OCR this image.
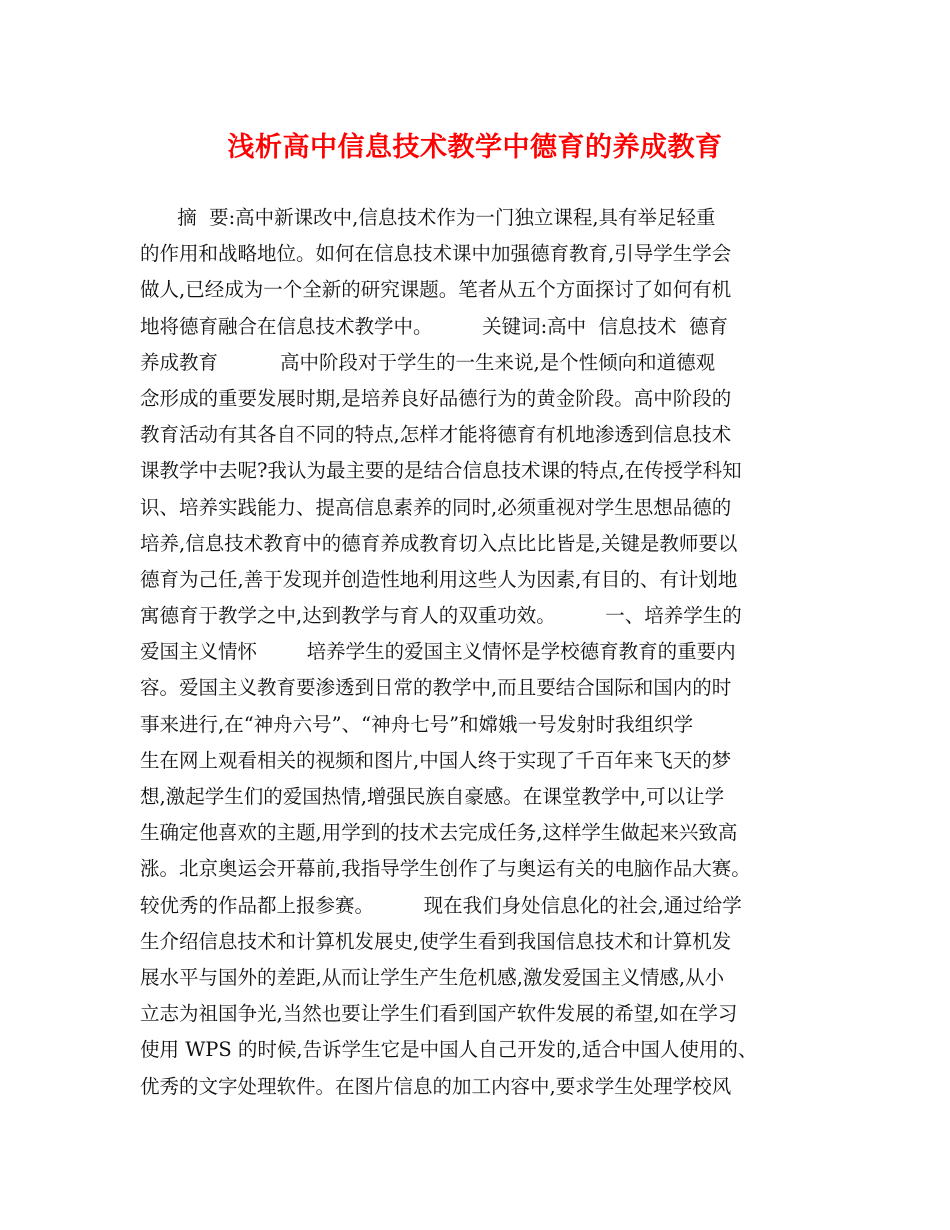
浅析高中信息技术教学中德育的养成教育
摘  要:高中新课改中,信息技术作为一门独立课程,具有举足轻重
的作用和战略地位。如何在信息技术课中加强德育教育,引导学生学会
做人,已经成为一个全新的研究课题。笔者从五个方面探讨了如何有机
地将德育融合在信息技术教学中。        关键词:高中  信息技术  德育
养成教育          高中阶段对于学生的一生来说,是个性倾向和道德观
念形成的重要发展时期,是培养良好品德行为的黄金阶段。高中阶段的
教育活动有其各自不同的特点,怎样才能将德育有机地渗透到信息技术
课教学中去呢?我认为最主要的是结合信息技术课的特点,在传授学科知
识、培养实践能力、提高信息素养的同时,必须重视对学生思想品德的
培养,信息技术教育中的德育养成教育切入点比比皆是,关键是教师要以
德育为己任,善于发现并创造性地利用这些人为因素,有目的、有计划地
寓德育于教学之中,达到教学与育人的双重功效。        一、培养学生的
爱国主义情怀        培养学生的爱国主义情怀是学校德育教育的重要内
容。爱国主义教育要渗透到日常的教学中,而且要结合国际和国内的时
事来进行,在“神舟六号”、“神舟七号”和嫦娥一号发射时我组织学
生在网上观看相关的视频和图片,中国人终于实现了千百年来飞天的梦
想,激起学生们的爱国热情,增强民族自豪感。在课堂教学中,可以让学
生确定他喜欢的主题,用学到的技术去完成任务,这样学生做起来兴致高
涨。北京奥运会开幕前,我指导学生创作了与奥运有关的电脑作品大赛。
较优秀的作品都上报参赛。        现在我们身处信息化的社会,通过给学
生介绍信息技术和计算机发展史,使学生看到我国信息技术和计算机发
展水平与国外的差距,从而让学生产生危机感,激发爱国主义情感,从小
立志为祖国争光,当然也要让学生们看到国产软件发展的希望,如在学习
使用 WPS 的时候,告诉学生它是中国人自己开发的,适合中国人使用的、
优秀的文字处理软件。在图片信息的加工内容中,要求学生处理学校风
